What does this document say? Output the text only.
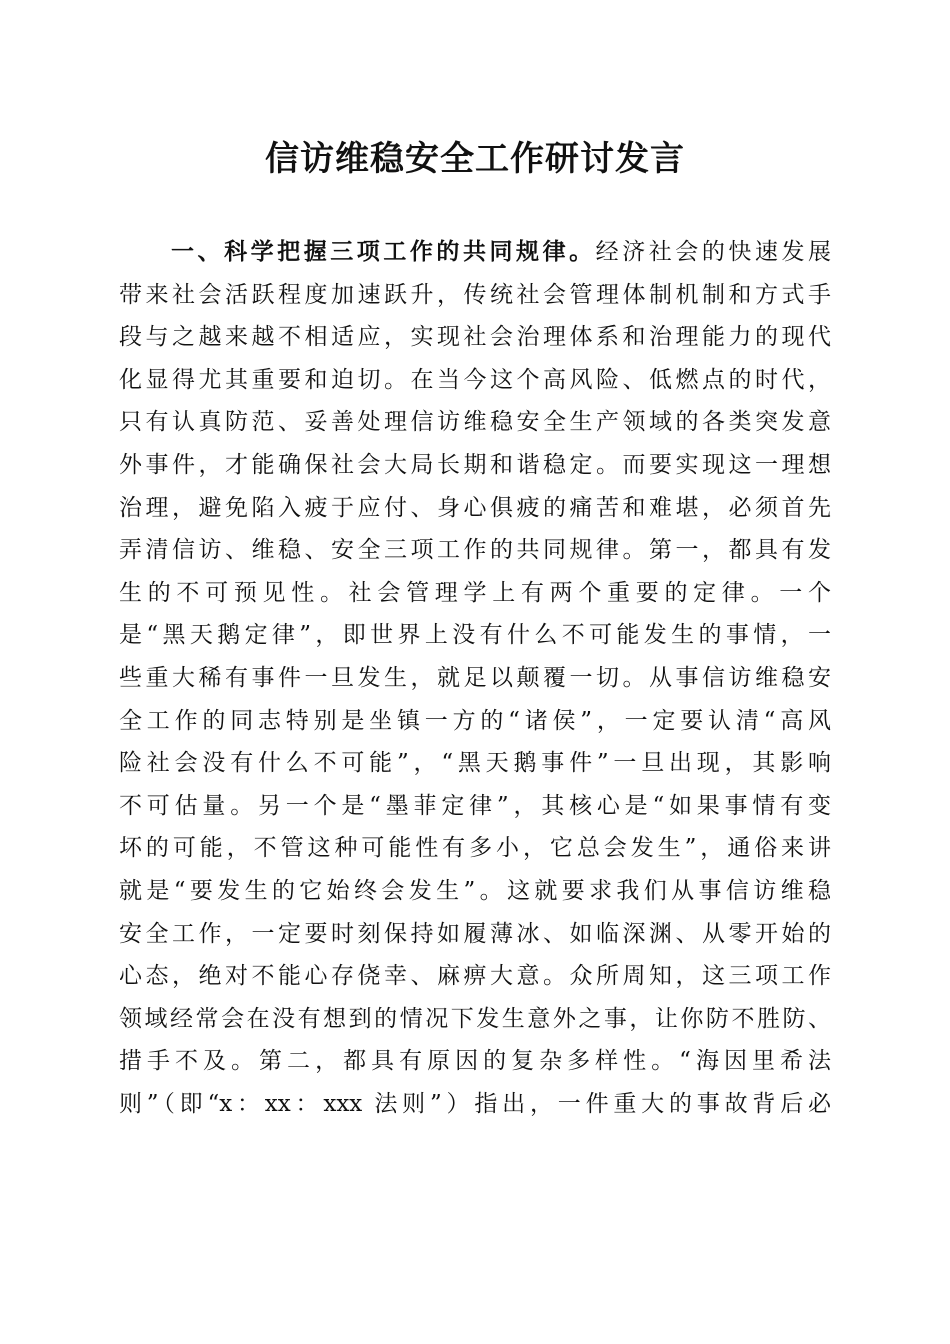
信访维稳安全工作研讨发言
一、科学把握三项工作的共同规律。经济社会的快速发展
带来社会活跃程度加速跃升，传统社会管理体制机制和方式手
段与之越来越不相适应，实现社会治理体系和治理能力的现代
化显得尤其重要和迫切。在当今这个高风险、低燃点的时代，
只有认真防范、妥善处理信访维稳安全生产领域的各类突发意
外事件，才能确保社会大局长期和谐稳定。而要实现这一理想
治理，避免陷入疲于应付、身心俱疲的痛苦和难堪，必须首先
弄清信访、维稳、安全三项工作的共同规律。第一，都具有发
生的不可预见性。社会管理学上有两个重要的定律。一个
是“黑天鹅定律”，即世界上没有什么不可能发生的事情，一
些重大稀有事件一旦发生，就足以颠覆一切。从事信访维稳安
全工作的同志特别是坐镇一方的“诸侯”，一定要认清“高风
险社会没有什么不可能”，“黑天鹅事件”一旦出现，其影响
不可估量。另一个是“墨菲定律”，其核心是“如果事情有变
坏的可能，不管这种可能性有多小，它总会发生”，通俗来讲
就是“要发生的它始终会发生”。这就要求我们从事信访维稳
安全工作，一定要时刻保持如履薄冰、如临深渊、从零开始的
心态，绝对不能心存侥幸、麻痹大意。众所周知，这三项工作
领域经常会在没有想到的情况下发生意外之事，让你防不胜防、
措手不及。第二，都具有原因的复杂多样性。“海因里希法
则”（即“x：xx：xxx 法则”）指出，一件重大的事故背后必
